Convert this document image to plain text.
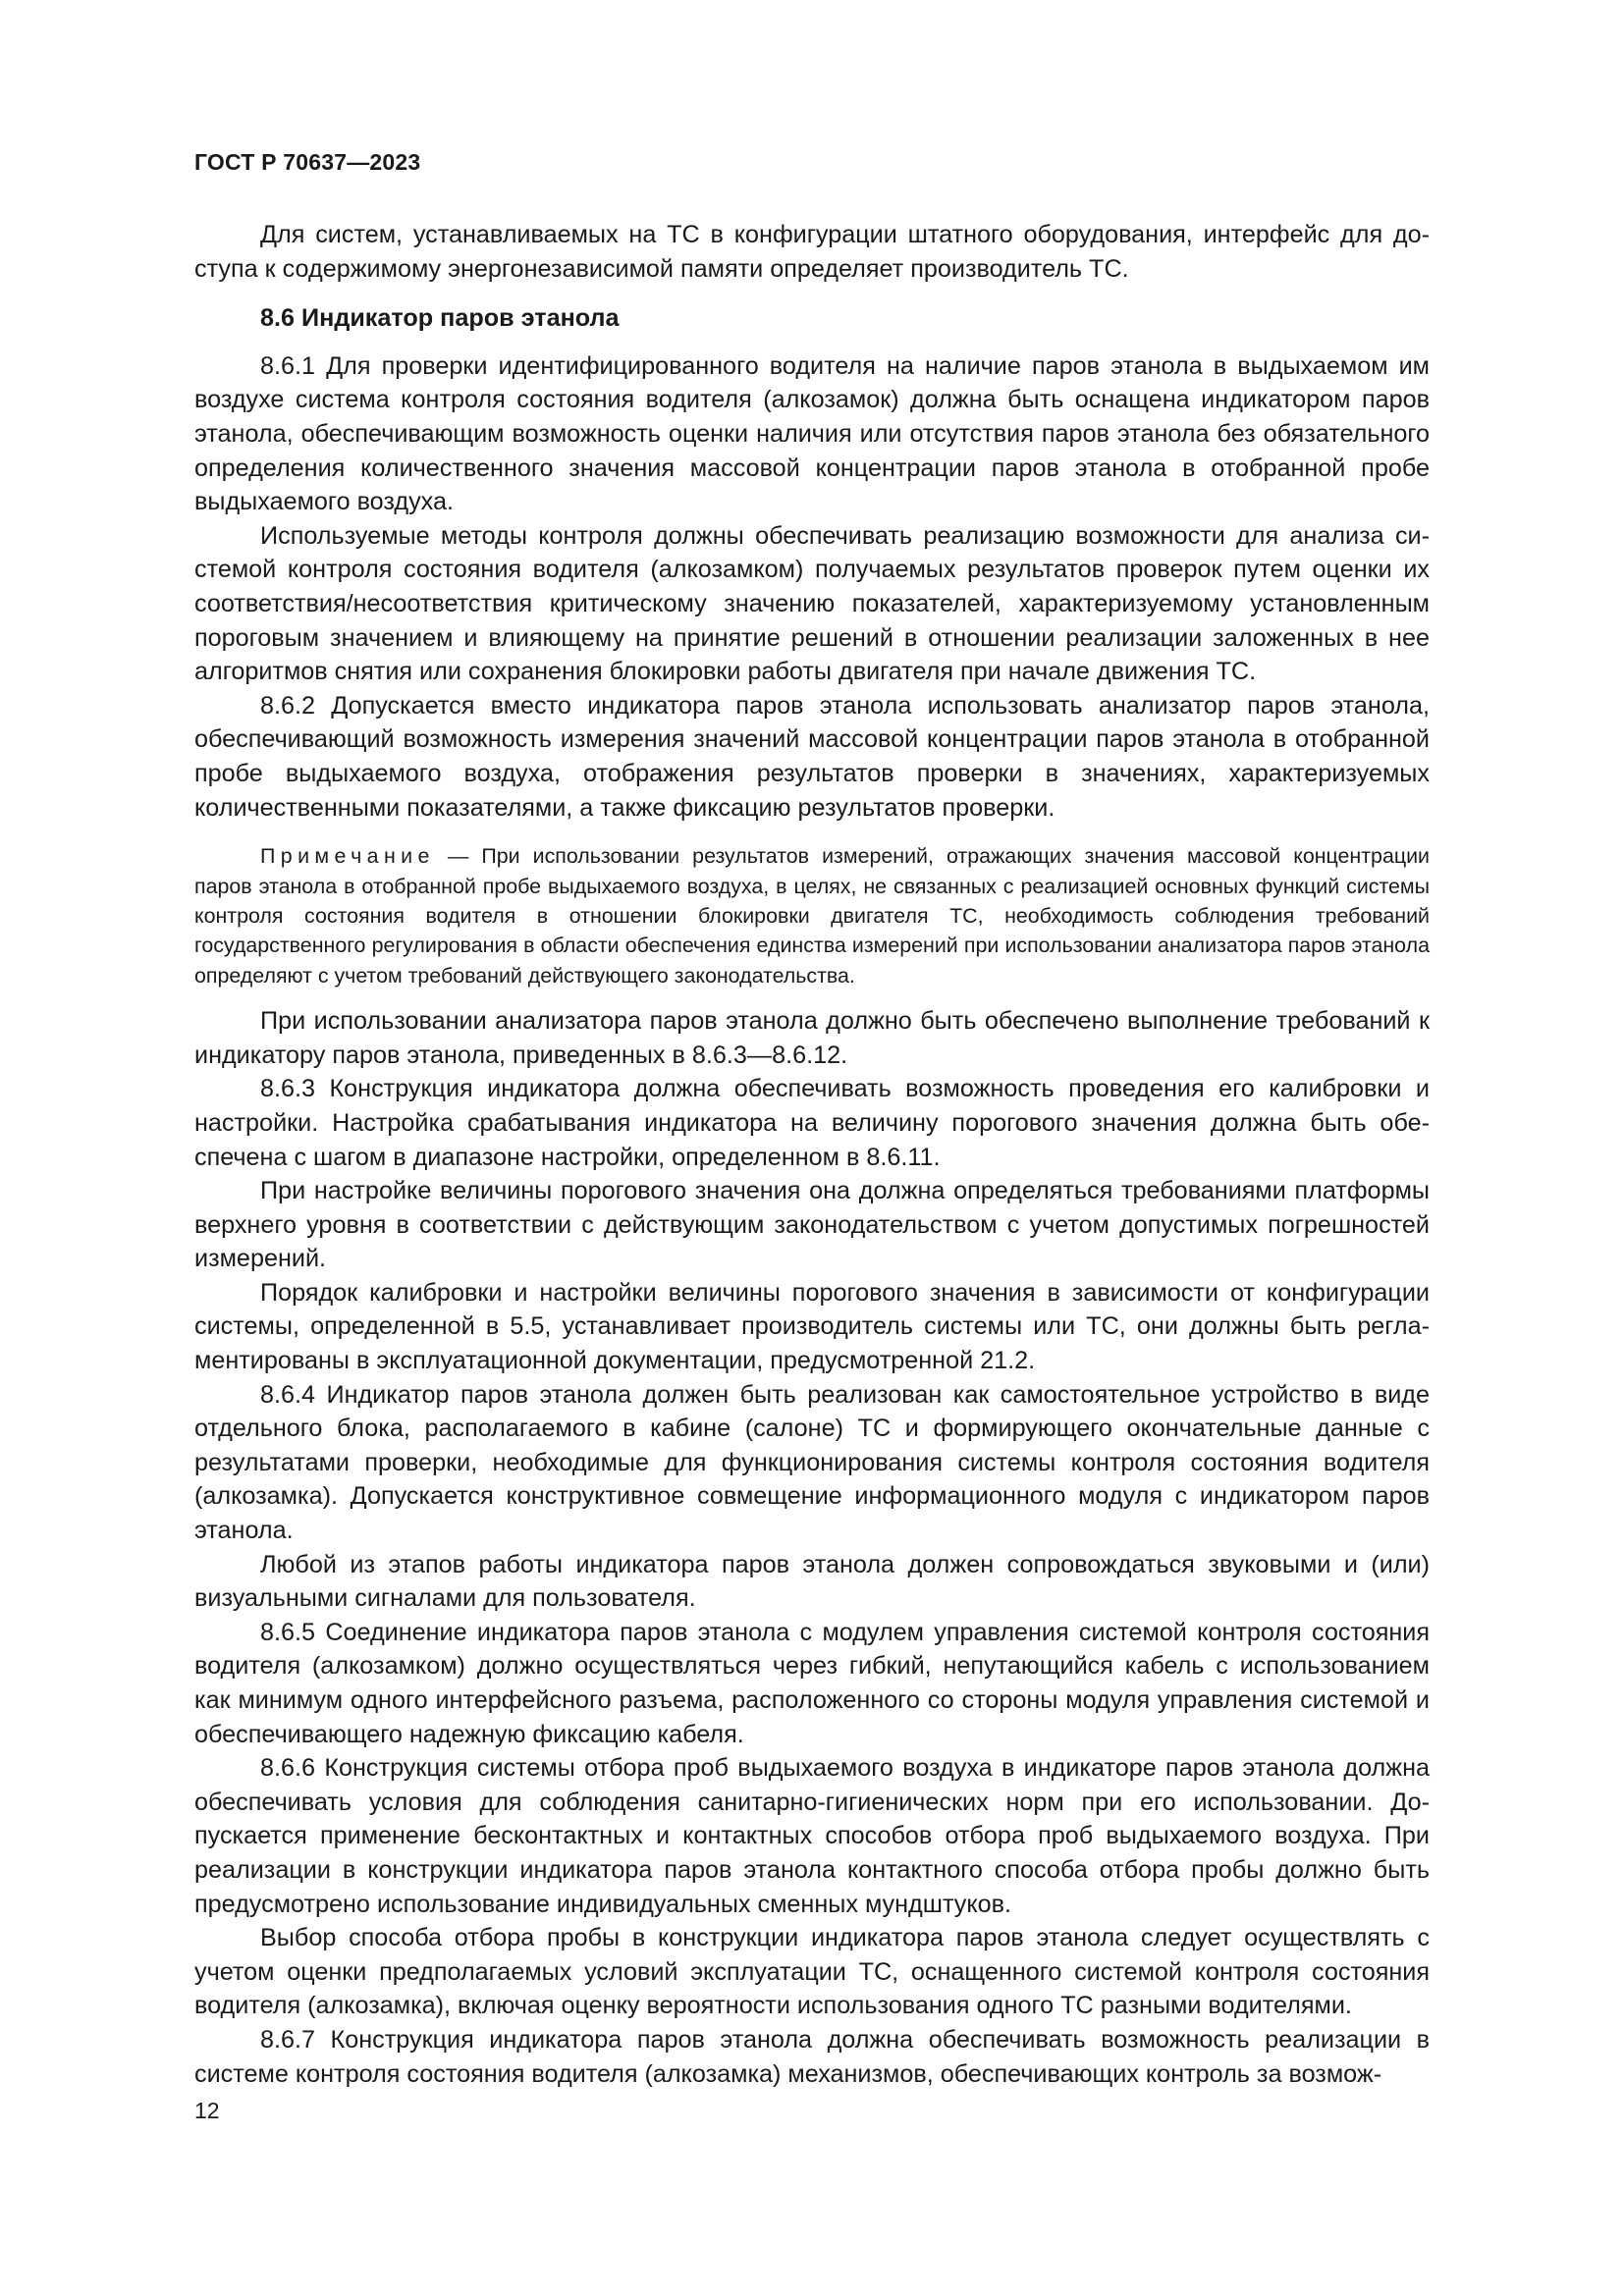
ГОСТ Р 70637—2023

Для систем, устанавливаемых на ТС в конфигурации штатного оборудования, интерфейс для доступа к содержимому энергонезависимой памяти определяет производитель ТС.

8.6 Индикатор паров этанола

8.6.1 Для проверки идентифицированного водителя на наличие паров этанола в выдыхаемом им воздухе система контроля состояния водителя (алкозамок) должна быть оснащена индикатором паров этанола, обеспечивающим возможность оценки наличия или отсутствия паров этанола без обязательного определения количественного значения массовой концентрации паров этанола в отобранной пробе выдыхаемого воздуха.

Используемые методы контроля должны обеспечивать реализацию возможности для анализа системой контроля состояния водителя (алкозамком) получаемых результатов проверок путем оценки их соответствия/несоответствия критическому значению показателей, характеризуемому установленным пороговым значением и влияющему на принятие решений в отношении реализации заложенных в нее алгоритмов снятия или сохранения блокировки работы двигателя при начале движения ТС.

8.6.2 Допускается вместо индикатора паров этанола использовать анализатор паров этанола, обеспечивающий возможность измерения значений массовой концентрации паров этанола в отобранной пробе выдыхаемого воздуха, отображения результатов проверки в значениях, характеризуемых количественными показателями, а также фиксацию результатов проверки.

Примечание — При использовании результатов измерений, отражающих значения массовой концентрации паров этанола в отобранной пробе выдыхаемого воздуха, в целях, не связанных с реализацией основных функций системы контроля состояния водителя в отношении блокировки двигателя ТС, необходимость соблюдения требований государственного регулирования в области обеспечения единства измерений при использовании анализатора паров этанола определяют с учетом требований действующего законодательства.

При использовании анализатора паров этанола должно быть обеспечено выполнение требований к индикатору паров этанола, приведенных в 8.6.3—8.6.12.

8.6.3 Конструкция индикатора должна обеспечивать возможность проведения его калибровки и настройки. Настройка срабатывания индикатора на величину порогового значения должна быть обеспечена с шагом в диапазоне настройки, определенном в 8.6.11.

При настройке величины порогового значения она должна определяться требованиями платформы верхнего уровня в соответствии с действующим законодательством с учетом допустимых погрешностей измерений.

Порядок калибровки и настройки величины порогового значения в зависимости от конфигурации системы, определенной в 5.5, устанавливает производитель системы или ТС, они должны быть регламентированы в эксплуатационной документации, предусмотренной 21.2.

8.6.4 Индикатор паров этанола должен быть реализован как самостоятельное устройство в виде отдельного блока, располагаемого в кабине (салоне) ТС и формирующего окончательные данные с результатами проверки, необходимые для функционирования системы контроля состояния водителя (алкозамка). Допускается конструктивное совмещение информационного модуля с индикатором паров этанола.

Любой из этапов работы индикатора паров этанола должен сопровождаться звуковыми и (или) визуальными сигналами для пользователя.

8.6.5 Соединение индикатора паров этанола с модулем управления системой контроля состояния водителя (алкозамком) должно осуществляться через гибкий, непутающийся кабель с использованием как минимум одного интерфейсного разъема, расположенного со стороны модуля управления системой и обеспечивающего надежную фиксацию кабеля.

8.6.6 Конструкция системы отбора проб выдыхаемого воздуха в индикаторе паров этанола должна обеспечивать условия для соблюдения санитарно-гигиенических норм при его использовании. Допускается применение бесконтактных и контактных способов отбора проб выдыхаемого воздуха. При реализации в конструкции индикатора паров этанола контактного способа отбора пробы должно быть предусмотрено использование индивидуальных сменных мундштуков.

Выбор способа отбора пробы в конструкции индикатора паров этанола следует осуществлять с учетом оценки предполагаемых условий эксплуатации ТС, оснащенного системой контроля состояния водителя (алкозамка), включая оценку вероятности использования одного ТС разными водителями.

8.6.7 Конструкция индикатора паров этанола должна обеспечивать возможность реализации в системе контроля состояния водителя (алкозамка) механизмов, обеспечивающих контроль за возмож-

12
